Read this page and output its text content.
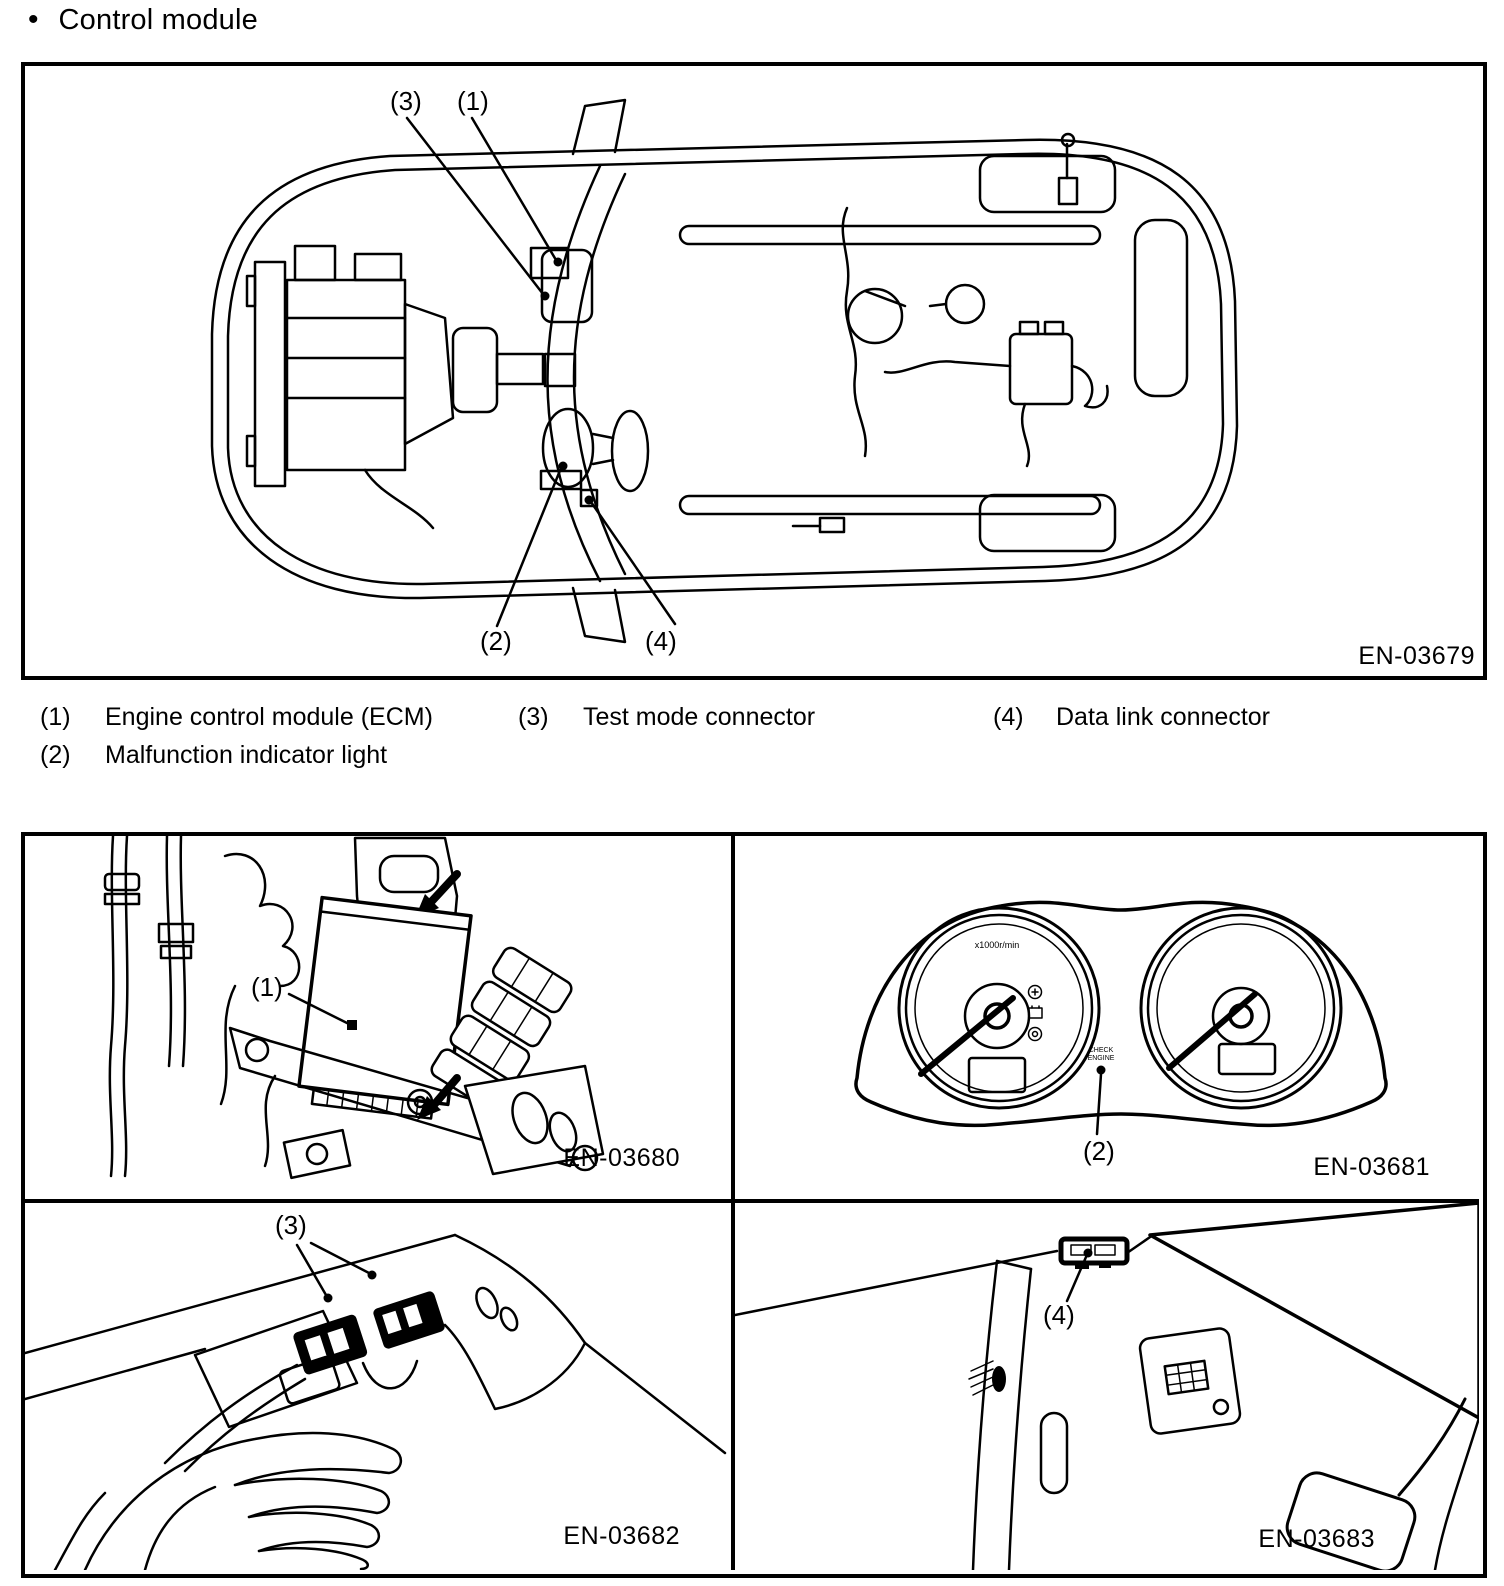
• Control module
(3) (1)
(2)	(4)	EN-03679
(1) Engine control module (ECM)	(3) Test mode connector	(4) Data link connector
(2) Malfunction indicator light
(1)
EN-03680
x1000r/min
CHECK
ENGINE
(2)
EN-03681
(3)
EN-03682
(4)
EN-03683
